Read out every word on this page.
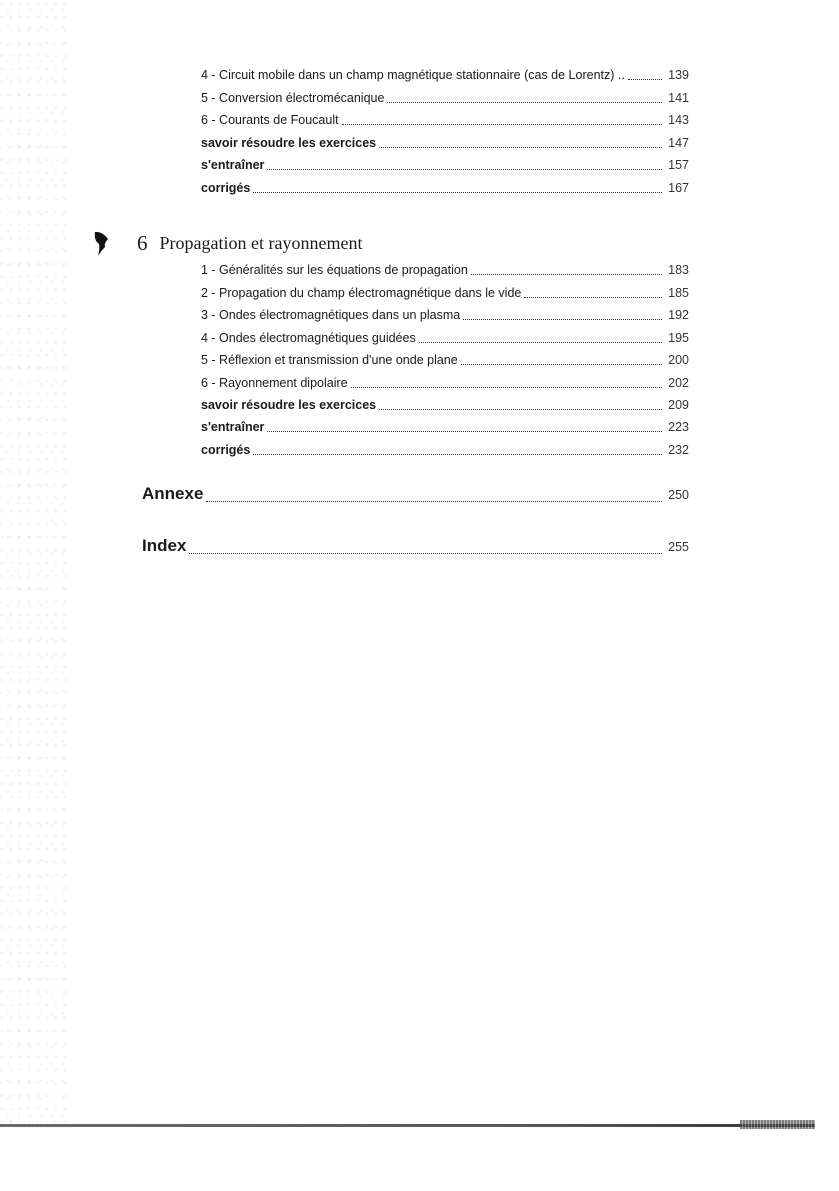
4 - Circuit mobile dans un champ magnétique stationnaire (cas de Lorentz) ..	139
5 - Conversion électromécanique	141
6 - Courants de Foucault	143
savoir résoudre les exercices	147
s'entraîner	157
corrigés	167
6 Propagation et rayonnement
1 - Généralités sur les équations de propagation	183
2 - Propagation du champ électromagnétique dans le vide	185
3 - Ondes électromagnétiques dans un plasma	192
4 - Ondes électromagnétiques guidées	195
5 - Réflexion et transmission d'une onde plane	200
6 - Rayonnement dipolaire	202
savoir résoudre les exercices	209
s'entraîner	223
corrigés	232
Annexe	250
Index	255
